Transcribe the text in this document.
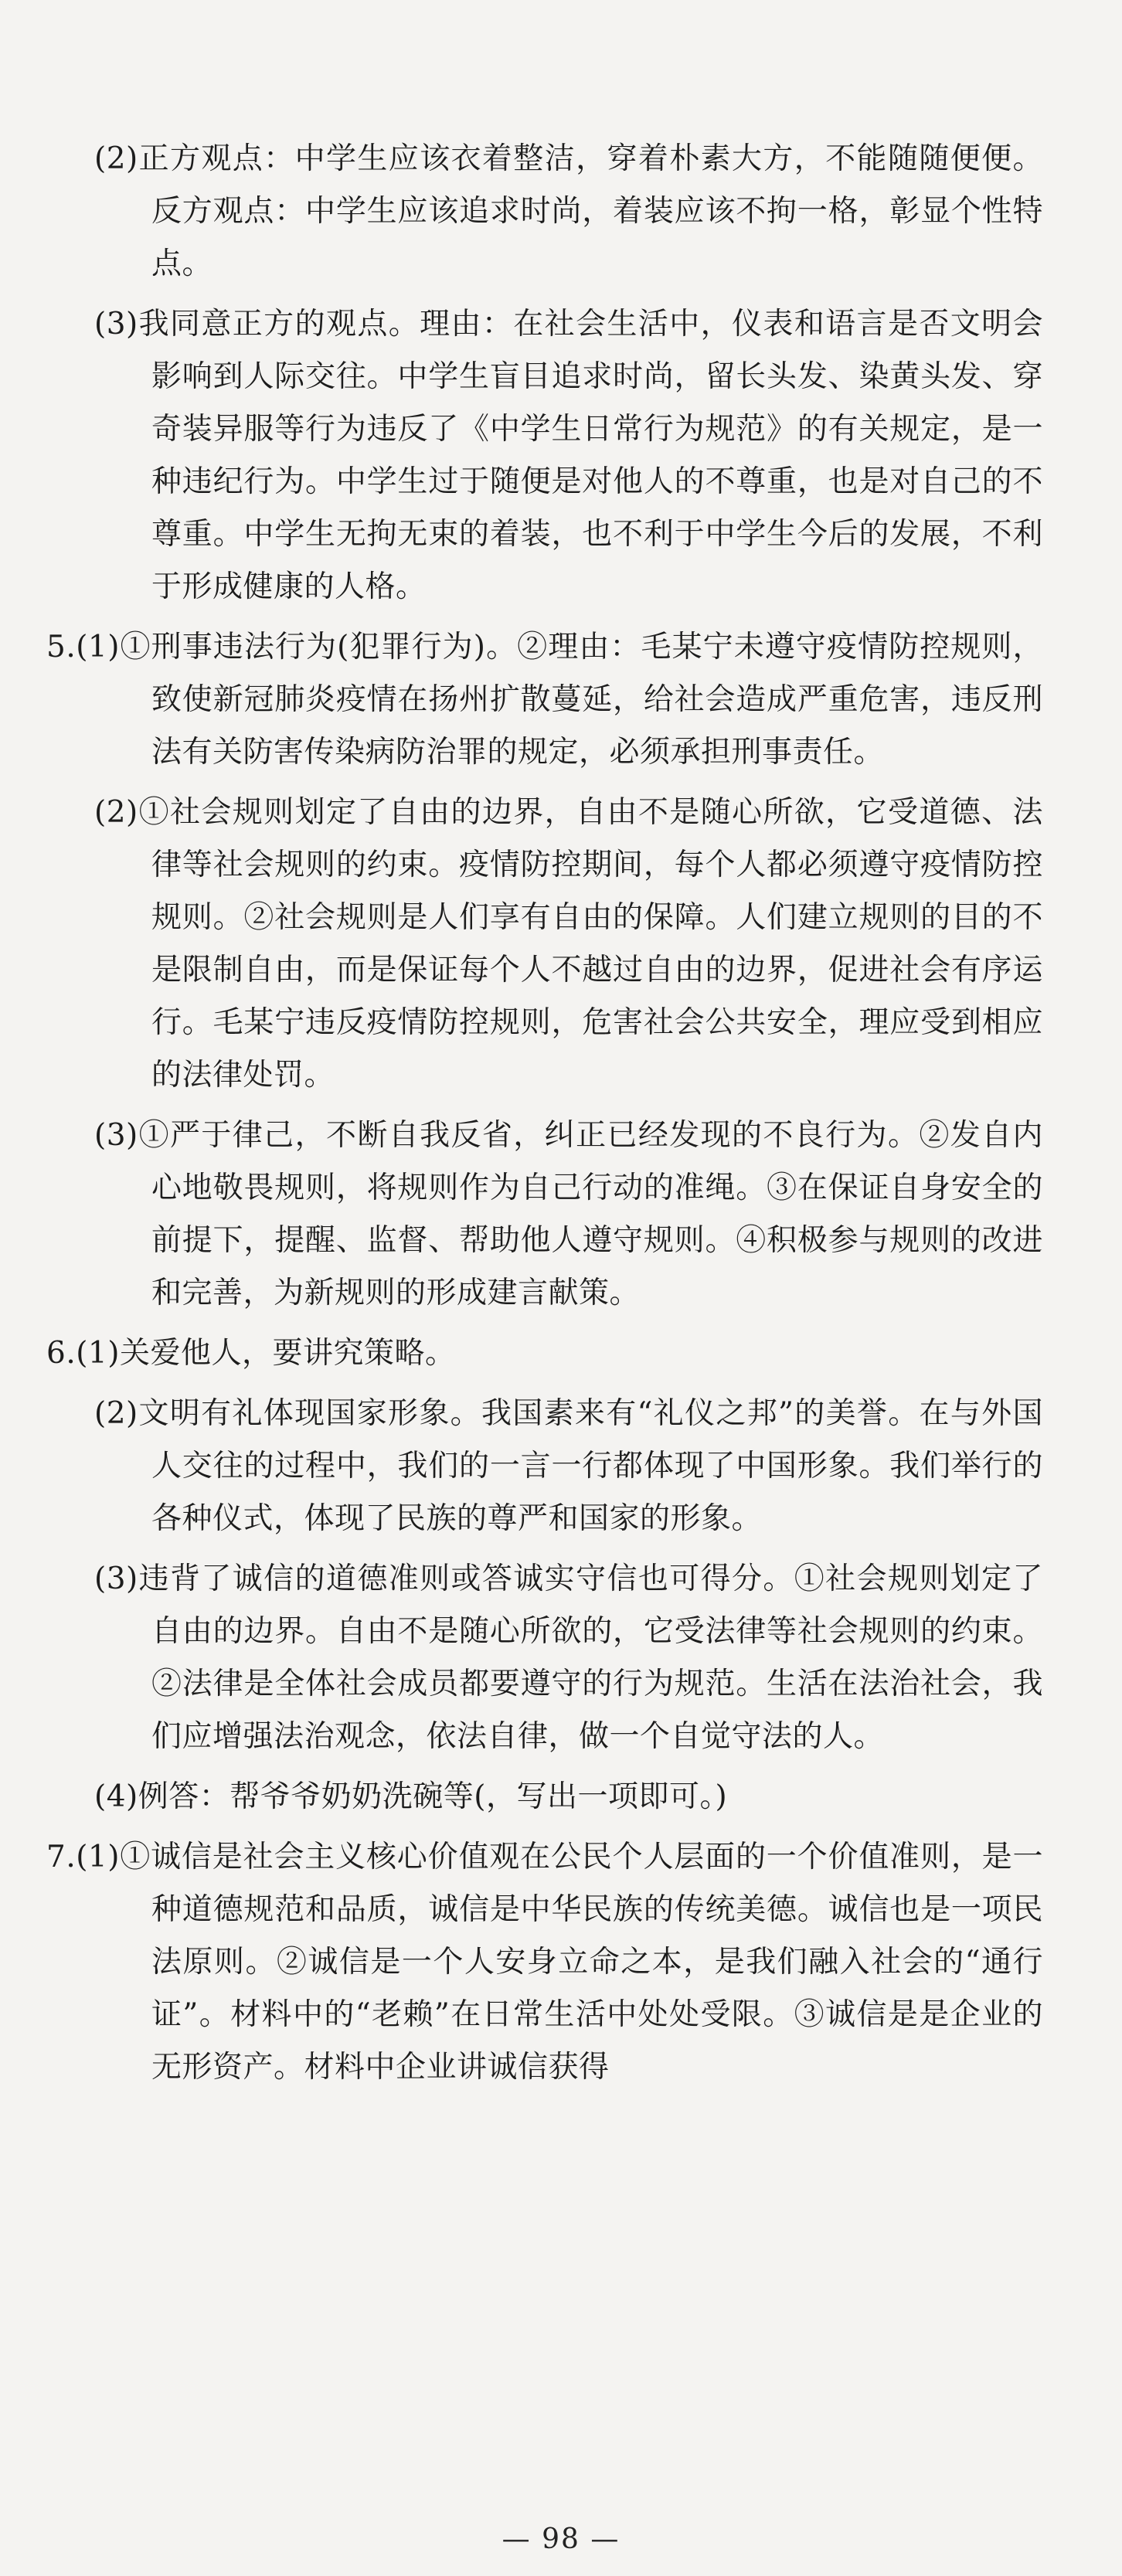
(2)正方观点：中学生应该衣着整洁，穿着朴素大方，不能随随便便。反方观点：中学生应该追求时尚，着装应该不拘一格，彰显个性特点。

(3)我同意正方的观点。理由：在社会生活中，仪表和语言是否文明会影响到人际交往。中学生盲目追求时尚，留长头发、染黄头发、穿奇装异服等行为违反了《中学生日常行为规范》的有关规定，是一种违纪行为。中学生过于随便是对他人的不尊重，也是对自己的不尊重。中学生无拘无束的着装，也不利于中学生今后的发展，不利于形成健康的人格。

5.(1)①刑事违法行为(犯罪行为)。②理由：毛某宁未遵守疫情防控规则，致使新冠肺炎疫情在扬州扩散蔓延，给社会造成严重危害，违反刑法有关防害传染病防治罪的规定，必须承担刑事责任。

(2)①社会规则划定了自由的边界，自由不是随心所欲，它受道德、法律等社会规则的约束。疫情防控期间，每个人都必须遵守疫情防控规则。②社会规则是人们享有自由的保障。人们建立规则的目的不是限制自由，而是保证每个人不越过自由的边界，促进社会有序运行。毛某宁违反疫情防控规则，危害社会公共安全，理应受到相应的法律处罚。

(3)①严于律己，不断自我反省，纠正已经发现的不良行为。②发自内心地敬畏规则，将规则作为自己行动的准绳。③在保证自身安全的前提下，提醒、监督、帮助他人遵守规则。④积极参与规则的改进和完善，为新规则的形成建言献策。

6.(1)关爱他人，要讲究策略。

(2)文明有礼体现国家形象。我国素来有“礼仪之邦”的美誉。在与外国人交往的过程中，我们的一言一行都体现了中国形象。我们举行的各种仪式，体现了民族的尊严和国家的形象。

(3)违背了诚信的道德准则或答诚实守信也可得分。①社会规则划定了自由的边界。自由不是随心所欲的，它受法律等社会规则的约束。②法律是全体社会成员都要遵守的行为规范。生活在法治社会，我们应增强法治观念，依法自律，做一个自觉守法的人。

(4)例答：帮爷爷奶奶洗碗等(，写出一项即可。)

7.(1)①诚信是社会主义核心价值观在公民个人层面的一个价值准则，是一种道德规范和品质，诚信是中华民族的传统美德。诚信也是一项民法原则。②诚信是一个人安身立命之本，是我们融入社会的“通行证”。材料中的“老赖”在日常生活中处处受限。③诚信是是企业的无形资产。材料中企业讲诚信获得

— 98 —
